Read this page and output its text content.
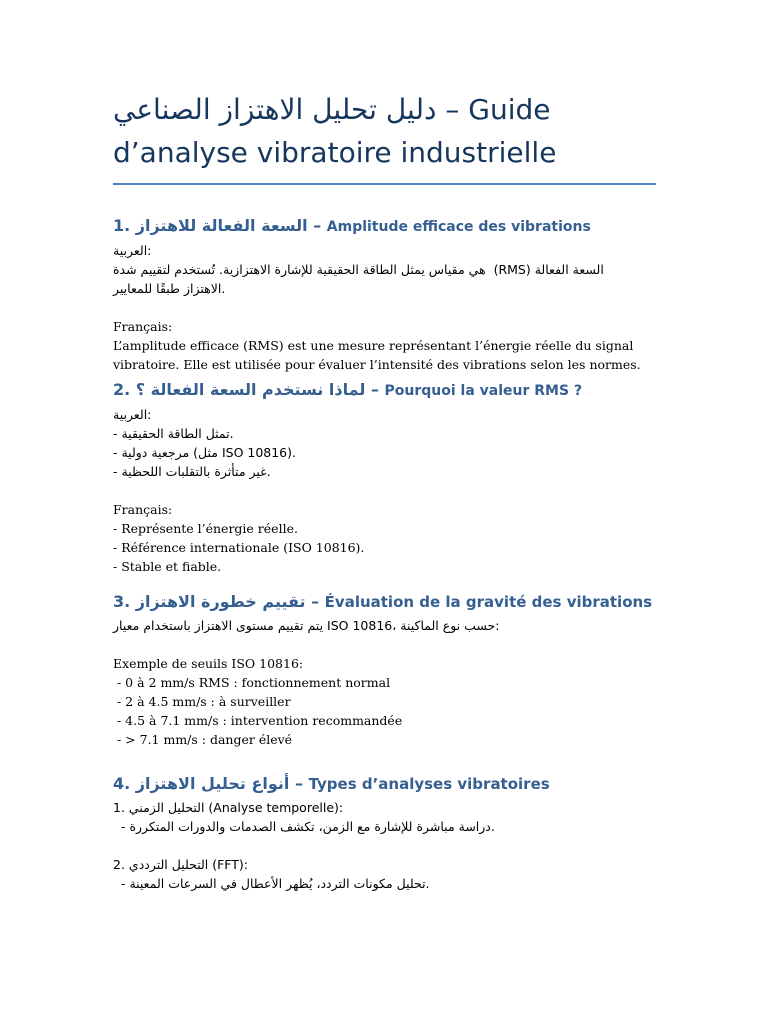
دليل تحليل الاهتزاز الصناعي – Guide
d’analyse vibratoire industrielle
1. السعة الفعالة للاهتزاز – Amplitude efficace des vibrations

العربية:

هي مقياس يمثل الطاقة الحقيقية للإشارة الاهتزازية. تُستخدم لتقييم شدة  (RMS) السعة الفعالة

الاهتزاز طبقًا للمعايير.

Français:

L’amplitude efficace (RMS) est une mesure représentant l’énergie réelle du signal

vibratoire. Elle est utilisée pour évaluer l’intensité des vibrations selon les normes.

2. لماذا نستخدم السعة الفعالة ؟ – Pourquoi la valeur RMS ?

العربية:

- تمثل الطاقة الحقيقية.

- مرجعية دولية (مثل ISO 10816).

- غير متأثرة بالتقلبات اللحظية.

Français:

- Représente l’énergie réelle.

- Référence internationale (ISO 10816).

- Stable et fiable.

3. تقييم خطورة الاهتزاز – Évaluation de la gravité des vibrations

يتم تقييم مستوى الاهتزاز باستخدام معيار ISO 10816، حسب نوع الماكينة:

Exemple de seuils ISO 10816:

- 0 à 2 mm/s RMS : fonctionnement normal

- 2 à 4.5 mm/s : à surveiller

- 4.5 à 7.1 mm/s : intervention recommandée

- > 7.1 mm/s : danger élevé

4. أنواع تحليل الاهتزاز – Types d’analyses vibratoires

1. التحليل الزمني (Analyse temporelle):

- دراسة مباشرة للإشارة مع الزمن، تكشف الصدمات والدورات المتكررة.

2. التحليل الترددي (FFT):

- تحليل مكونات التردد، يُظهر الأعطال في السرعات المعينة.
